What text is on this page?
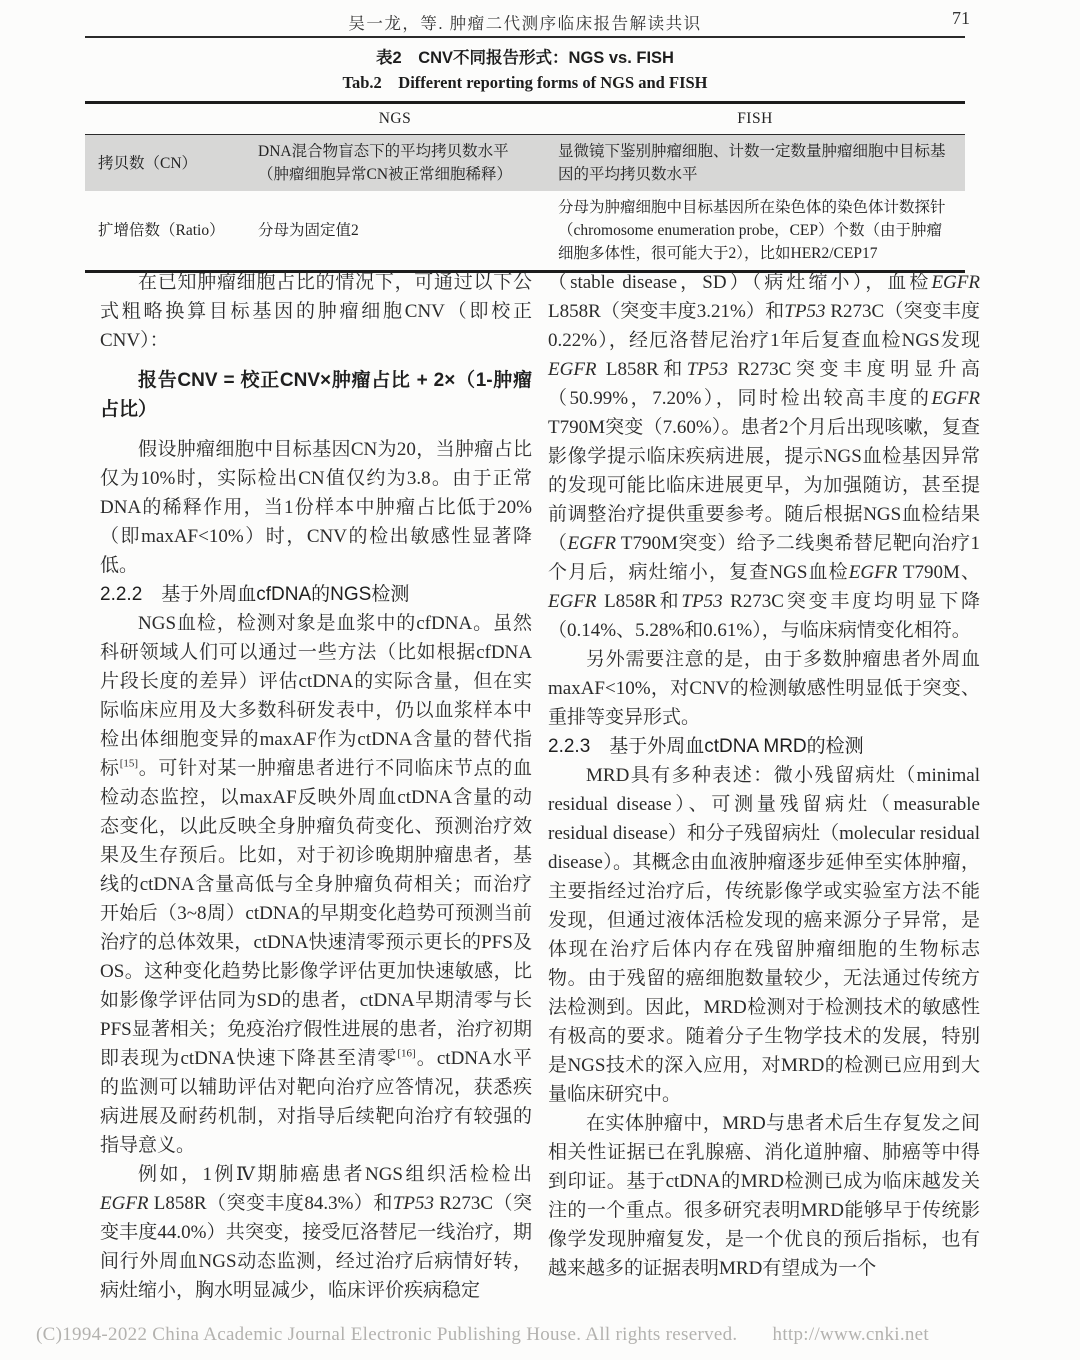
吴一龙，等. 肿瘤二代测序临床报告解读共识	71
表2　CNV不同报告形式：NGS vs. FISH
Tab.2　Different reporting forms of NGS and FISH
	NGS	FISH
拷贝数（CN）	DNA混合物盲态下的平均拷贝数水平（肿瘤细胞异常CN被正常细胞稀释）	显微镜下鉴别肿瘤细胞、计数一定数量肿瘤细胞中目标基因的平均拷贝数水平
扩增倍数（Ratio）	分母为固定值2	分母为肿瘤细胞中目标基因所在染色体的染色体计数探针（chromosome enumeration probe，CEP）个数（由于肿瘤细胞多体性，很可能大于2），比如HER2/CEP17

在已知肿瘤细胞占比的情况下，可通过以下公式粗略换算目标基因的肿瘤细胞CNV（即校正CNV）：

报告CNV = 校正CNV×肿瘤占比 + 2×（1-肿瘤占比）

假设肿瘤细胞中目标基因CN为20，当肿瘤占比仅为10%时，实际检出CN值仅约为3.8。由于正常DNA的稀释作用，当1份样本中肿瘤占比低于20%（即maxAF<10%）时，CNV的检出敏感性显著降低。

2.2.2　基于外周血cfDNA的NGS检测

NGS血检，检测对象是血浆中的cfDNA。虽然科研领域人们可以通过一些方法（比如根据cfDNA片段长度的差异）评估ctDNA的实际含量，但在实际临床应用及大多数科研发表中，仍以血浆样本中检出体细胞变异的maxAF作为ctDNA含量的替代指标[15]。可针对某一肿瘤患者进行不同临床节点的血检动态监控，以maxAF反映外周血ctDNA含量的动态变化，以此反映全身肿瘤负荷变化、预测治疗效果及生存预后。比如，对于初诊晚期肿瘤患者，基线的ctDNA含量高低与全身肿瘤负荷相关；而治疗开始后（3~8周）ctDNA的早期变化趋势可预测当前治疗的总体效果，ctDNA快速清零预示更长的PFS及OS。这种变化趋势比影像学评估更加快速敏感，比如影像学评估同为SD的患者，ctDNA早期清零与长PFS显著相关；免疫治疗假性进展的患者，治疗初期即表现为ctDNA快速下降甚至清零[16]。ctDNA水平的监测可以辅助评估对靶向治疗应答情况，获悉疾病进展及耐药机制，对指导后续靶向治疗有较强的指导意义。

例如，1例Ⅳ期肺癌患者NGS组织活检检出EGFR L858R（突变丰度84.3%）和TP53 R273C（突变丰度44.0%）共突变，接受厄洛替尼一线治疗，期间行外周血NGS动态监测，经过治疗后病情好转，病灶缩小，胸水明显减少，临床评价疾病稳定

（stable disease，SD）（病灶缩小），血检EGFR L858R（突变丰度3.21%）和TP53 R273C（突变丰度0.22%），经厄洛替尼治疗1年后复查血检NGS发现EGFR L858R和TP53 R273C突变丰度明显升高（50.99%，7.20%），同时检出较高丰度的EGFR T790M突变（7.60%）。患者2个月后出现咳嗽，复查影像学提示临床疾病进展，提示NGS血检基因异常的发现可能比临床进展更早，为加强随访，甚至提前调整治疗提供重要参考。随后根据NGS血检结果（EGFR T790M突变）给予二线奥希替尼靶向治疗1个月后，病灶缩小，复查NGS血检EGFR T790M、EGFR L858R和TP53 R273C突变丰度均明显下降（0.14%、5.28%和0.61%），与临床病情变化相符。

另外需要注意的是，由于多数肿瘤患者外周血maxAF<10%，对CNV的检测敏感性明显低于突变、重排等变异形式。

2.2.3　基于外周血ctDNA MRD的检测

MRD具有多种表述：微小残留病灶（minimal residual disease）、可测量残留病灶（measurable residual disease）和分子残留病灶（molecular residual disease）。其概念由血液肿瘤逐步延伸至实体肿瘤，主要指经过治疗后，传统影像学或实验室方法不能发现，但通过液体活检发现的癌来源分子异常，是体现在治疗后体内存在残留肿瘤细胞的生物标志物。由于残留的癌细胞数量较少，无法通过传统方法检测到。因此，MRD检测对于检测技术的敏感性有极高的要求。随着分子生物学技术的发展，特别是NGS技术的深入应用，对MRD的检测已应用到大量临床研究中。

在实体肿瘤中，MRD与患者术后生存复发之间相关性证据已在乳腺癌、消化道肿瘤、肺癌等中得到印证。基于ctDNA的MRD检测已成为临床越发关注的一个重点。很多研究表明MRD能够早于传统影像学发现肿瘤复发，是一个优良的预后指标，也有越来越多的证据表明MRD有望成为一个

(C)1994-2022 China Academic Journal Electronic Publishing House. All rights reserved. http://www.cnki.net
